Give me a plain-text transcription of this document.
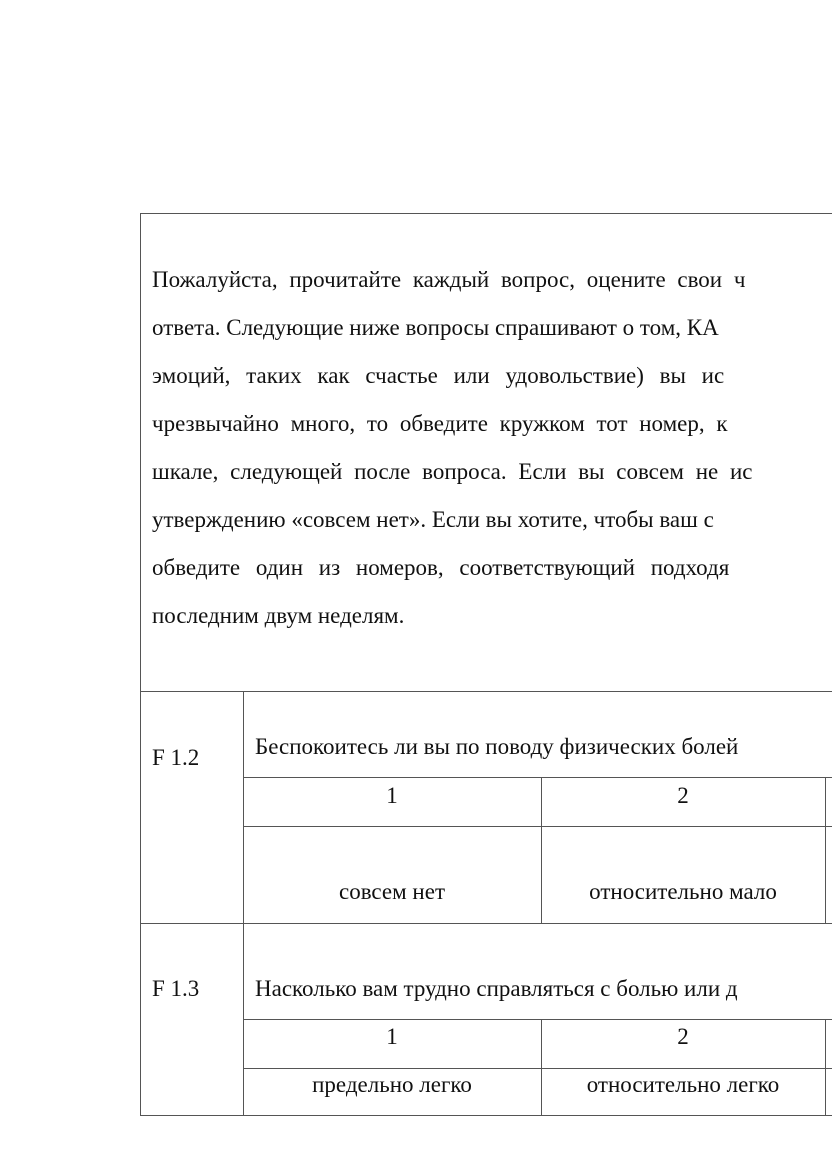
Пожалуйста, прочитайте каждый вопрос, оцените свои ч
ответа. Следующие ниже вопросы спрашивают о том, КА
эмоций, таких как счастье или удовольствие) вы ис
чрезвычайно много, то обведите кружком тот номер, к
шкале, следующей после вопроса. Если вы совсем не ис
утверждению «совсем нет». Если вы хотите, чтобы ваш с
обведите один из номеров, соответствующий подходя
последним двум неделям.
F 1.2 Беспокоитесь ли вы по поводу физических болей
1	2
совсем нет	относительно мало
F 1.3 Насколько вам трудно справляться с болью или д
1	2
предельно легко	относительно легко
